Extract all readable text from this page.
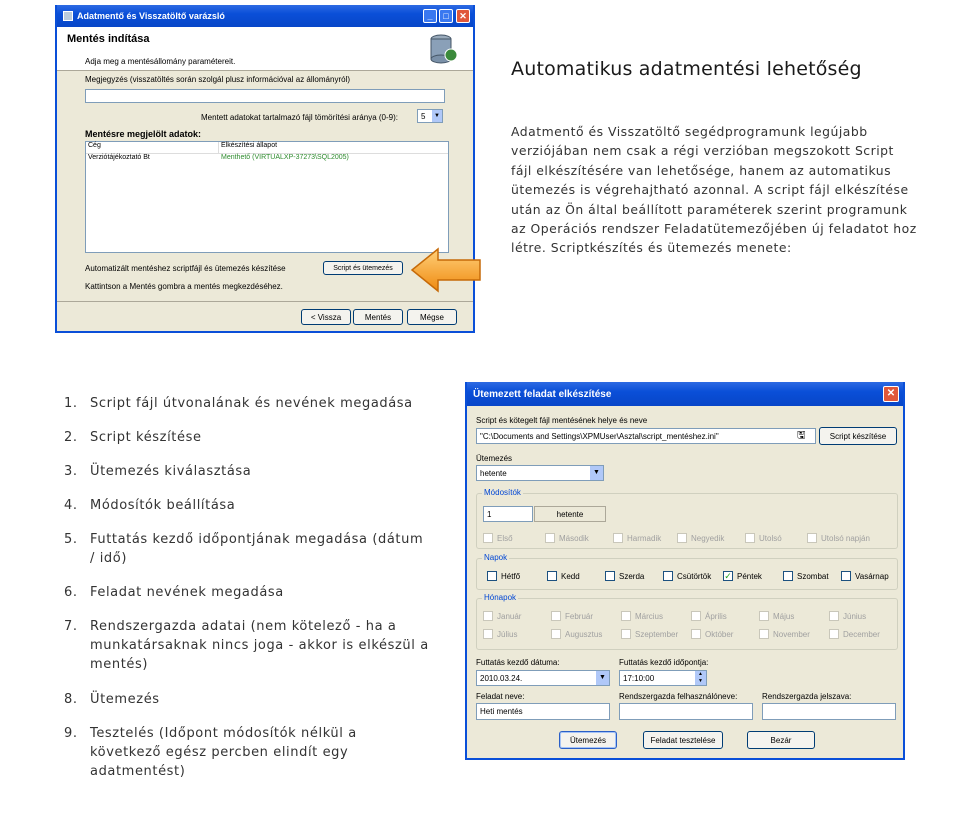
Adatmentő és Visszatöltő varázsló	_	□	✕
Mentés indítása
Adja meg a mentésállomány paramétereit.
Megjegyzés (visszatöltés során szolgál plusz információval az állományról)
Mentett adatokat tartalmazó fájl tömörítési aránya (0-9):	5	▼
Mentésre megjelölt adatok:
Cég	Elkészítési állapot
Verziótájékoztató Bt	Menthető (VIRTUALXP-37273\SQL2005)
Automatizált mentéshez scriptfájl és ütemezés készítése	Script és ütemezés
Kattintson a Mentés gombra a mentés megkezdéséhez.
< Vissza	Mentés	Mégse
Automatikus adatmentési lehetőség
Adatmentő és Visszatöltő segédprogramunk legújabb verziójában nem csak a régi verzióban megszokott Script fájl elkészítésére van lehetősége, hanem az automatikus ütemezés is végrehajtható azonnal. A script fájl elkészítése után az Ön által beállított paraméterek szerint programunk az Operációs rendszer Feladatütemezőjében új feladatot hoz létre. Scriptkészítés és ütemezés menete:
1. Script fájl útvonalának és nevének megadása
2. Script készítése
3. Ütemezés kiválasztása
4. Módosítók beállítása
5. Futtatás kezdő időpontjának megadása (dátum / idő)
6. Feladat nevének megadása
7. Rendszergazda adatai (nem kötelező - ha a munkatársaknak nincs joga - akkor is elkészül a mentés)
8. Ütemezés
9. Tesztelés (Időpont módosítók nélkül a következő egész percben elindít egy adatmentést)
Ütemezett feladat elkészítése	✕
Script és kötegelt fájl mentésének helye és neve
"C:\Documents and Settings\XPMUser\Asztal\script_mentéshez.ini"	🖫	Script készítése
Ütemezés
hetente	▼
Módosítók
1	hetente
Első	Második	Harmadik	Negyedik	Utolsó	Utolsó napján
Napok
Hétfő	Kedd	Szerda	Csütörtök ✓ Péntek	Szombat	Vasárnap
Hónapok
Január	Február	Március	Április	Május	Június
Július	Augusztus	Szeptember	Október	November	December
Futtatás kezdő dátuma:
2010.03.24.	▼
Futtatás kezdő időpontja:
17:10:00	▲
▼
Feladat neve:
Heti mentés
Rendszergazda felhasználóneve:	Rendszergazda jelszava:
Ütemezés	Feladat tesztelése	Bezár
